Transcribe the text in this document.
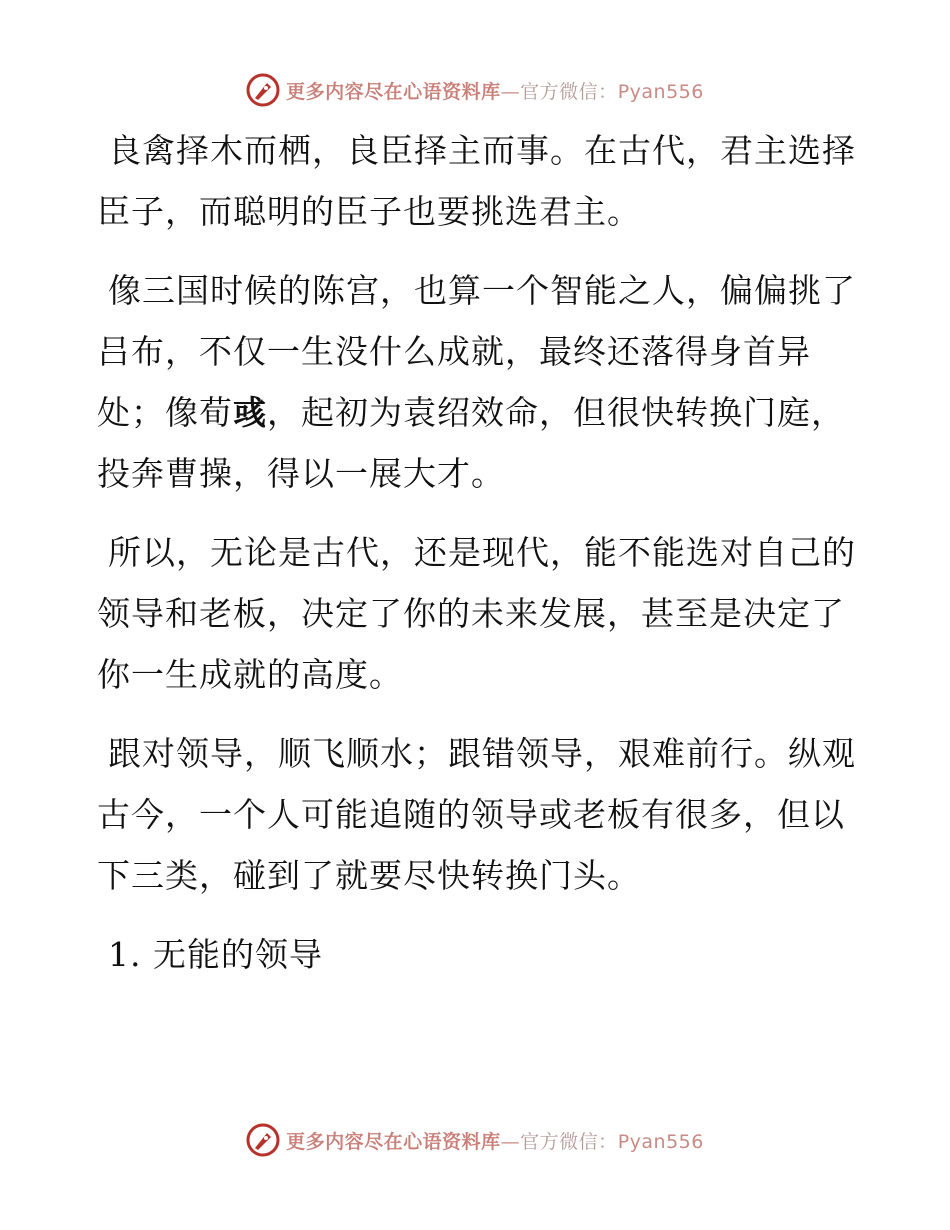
更多内容尽在心语资料库—官方微信：Pyan556

良禽择木而栖，良臣择主而事。在古代，君主选择臣子，而聪明的臣子也要挑选君主。

像三国时候的陈宫，也算一个智能之人，偏偏挑了吕布，不仅一生没什么成就，最终还落得身首异处；像荀彧，起初为袁绍效命，但很快转换门庭，投奔曹操，得以一展大才。

所以，无论是古代，还是现代，能不能选对自己的领导和老板，决定了你的未来发展，甚至是决定了你一生成就的高度。

跟对领导，顺飞顺水；跟错领导，艰难前行。纵观古今，一个人可能追随的领导或老板有很多，但以下三类，碰到了就要尽快转换门头。

1. 无能的领导

更多内容尽在心语资料库—官方微信：Pyan556
